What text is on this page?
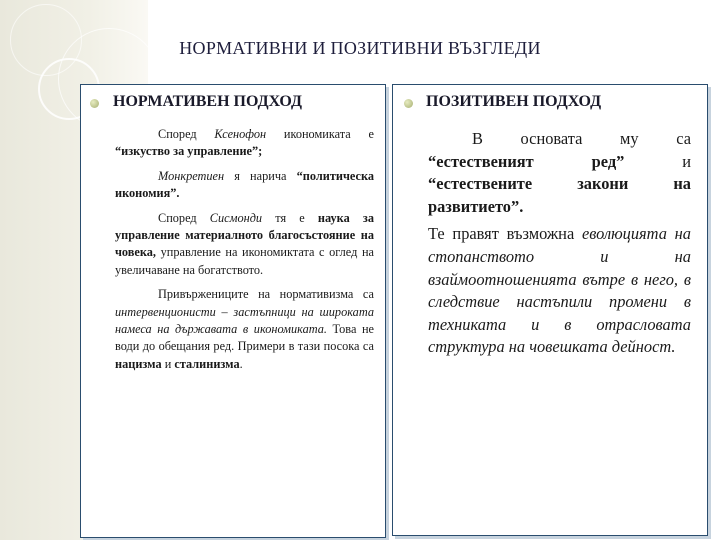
НОРМАТИВНИ И ПОЗИТИВНИ ВЪЗГЛЕДИ
НОРМАТИВЕН ПОДХОД	ПОЗИТИВЕН ПОДХОД

Според Ксенофон икономиката е “изкуство за управление”;

Монкретиен я нарича “политическа икономия”.

Според Сисмонди тя е наука за управление материалното благосъстояние на човека, управление на икономиктата с оглед на увеличаване на богатството.

Привържениците на нормативизма са интервенционисти – застъпници на широката намеса на държавата в икономиката. Това не води до обещания ред. Примери в тази посока са нацизма и сталинизма.

В основата му са “естественият ред” и “естествените закони на развитието”.

Те правят възможна еволюцията на стопанството и на взаймоотношенията вътре в него, в следствие настъпили промени в техниката и в отрасловата структура на човешката дейност.
